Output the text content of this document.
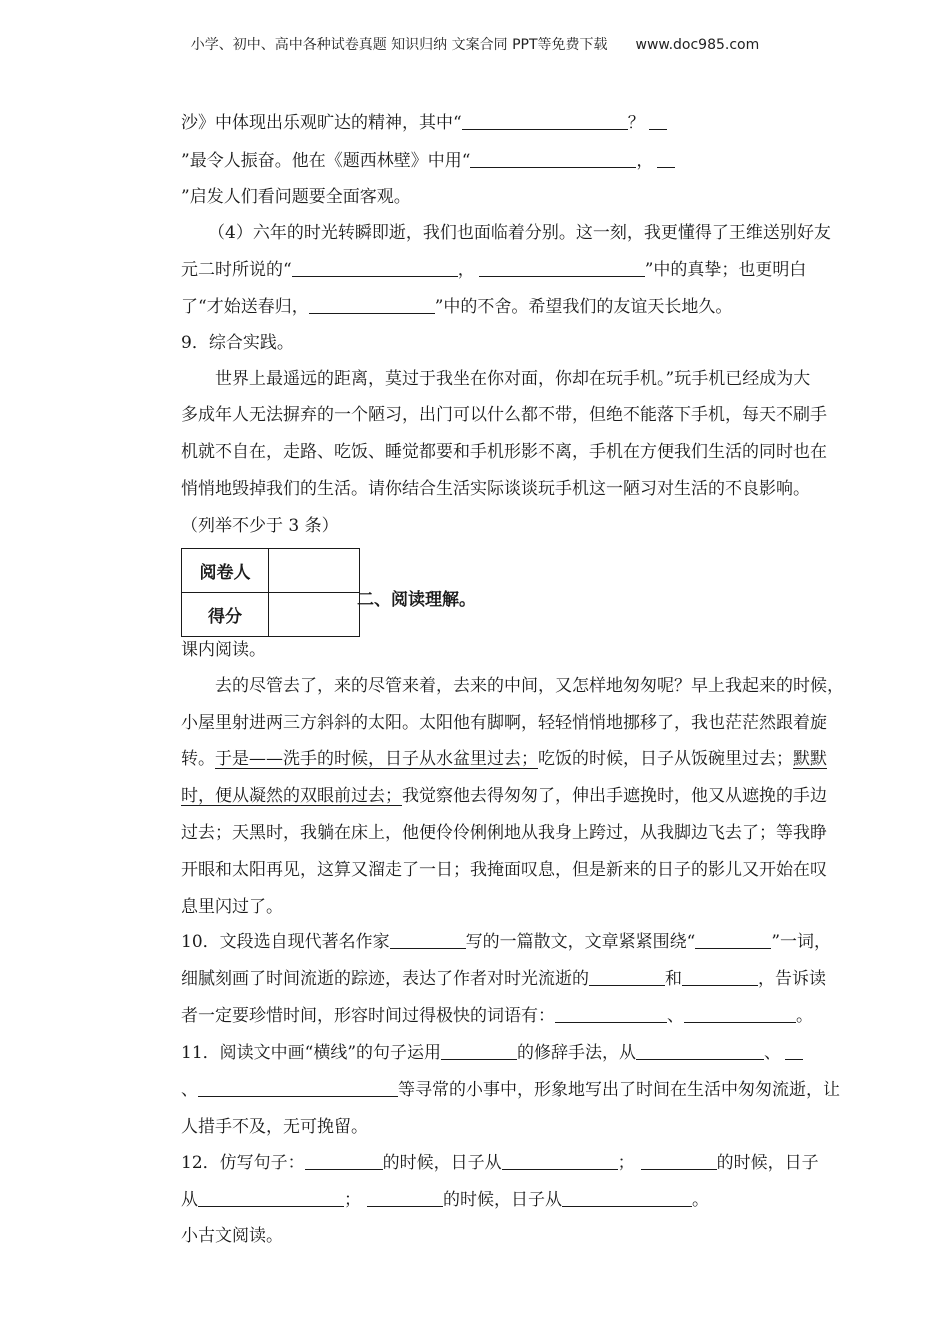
小学、初中、高中各种试卷真题 知识归纳 文案合同 PPT等免费下载 www.doc985.com
沙》中体现出乐观旷达的精神，其中“	？
”最令人振奋。他在《题西林壁》中用“	，
”启发人们看问题要全面客观。
（4）六年的时光转瞬即逝，我们也面临着分别。这一刻，我更懂得了王维送别好友
元二时所说的“	，	”中的真挚；也更明白
了“才始送春归，	”中的不舍。希望我们的友谊天长地久。
9．综合实践。
世界上最遥远的距离，莫过于我坐在你对面，你却在玩手机。”玩手机已经成为大
多成年人无法摒弃的一个陋习，出门可以什么都不带，但绝不能落下手机，每天不刷手
机就不自在，走路、吃饭、睡觉都要和手机形影不离，手机在方便我们生活的同时也在
悄悄地毁掉我们的生活。请你结合生活实际谈谈玩手机这一陋习对生活的不良影响。
（列举不少于 3 条）
阅卷人	
得分	
二、阅读理解。
课内阅读。
去的尽管去了，来的尽管来着，去来的中间，又怎样地匆匆呢？早上我起来的时候，
小屋里射进两三方斜斜的太阳。太阳他有脚啊，轻轻悄悄地挪移了，我也茫茫然跟着旋
转。于是——洗手的时候，日子从水盆里过去；吃饭的时候，日子从饭碗里过去；默默
时，便从凝然的双眼前过去；我觉察他去得匆匆了，伸出手遮挽时，他又从遮挽的手边
过去；天黑时，我躺在床上，他便伶伶俐俐地从我身上跨过，从我脚边飞去了；等我睁
开眼和太阳再见，这算又溜走了一日；我掩面叹息，但是新来的日子的影儿又开始在叹
息里闪过了。
10．文段选自现代著名作家	写的一篇散文，文章紧紧围绕“	”一词，
细腻刻画了时间流逝的踪迹，表达了作者对时光流逝的	和	，告诉读
者一定要珍惜时间，形容时间过得极快的词语有：	、	。
11．阅读文中画“横线”的句子运用	的修辞手法，从	、
、	等寻常的小事中，形象地写出了时间在生活中匆匆流逝，让
人措手不及，无可挽留。
12．仿写句子：	的时候，日子从	；	的时候，日子
从	；	的时候，日子从	。
小古文阅读。
